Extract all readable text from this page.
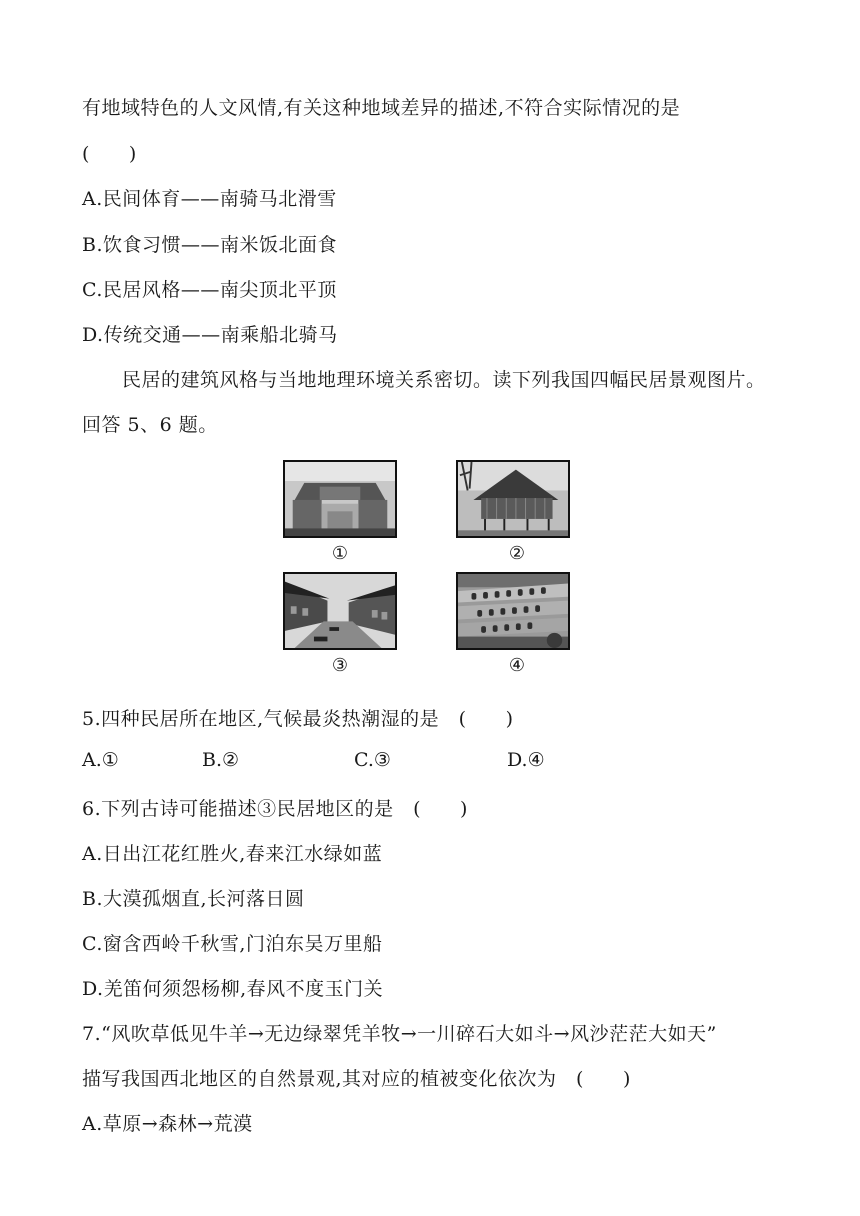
有地域特色的人文风情,有关这种地域差异的描述,不符合实际情况的是
(　　)
A.民间体育——南骑马北滑雪
B.饮食习惯——南米饭北面食
C.民居风格——南尖顶北平顶
D.传统交通——南乘船北骑马
民居的建筑风格与当地地理环境关系密切。读下列我国四幅民居景观图片。
回答 5、6 题。
①	②
③	④
5.四种民居所在地区,气候最炎热潮湿的是　(　　)
A.①	B.②	C.③	D.④
6.下列古诗可能描述③民居地区的是　(　　)
A.日出江花红胜火,春来江水绿如蓝
B.大漠孤烟直,长河落日圆
C.窗含西岭千秋雪,门泊东吴万里船
D.羌笛何须怨杨柳,春风不度玉门关
7.“风吹草低见牛羊→无边绿翠凭羊牧→一川碎石大如斗→风沙茫茫大如天”
描写我国西北地区的自然景观,其对应的植被变化依次为　(　　)
A.草原→森林→荒漠
